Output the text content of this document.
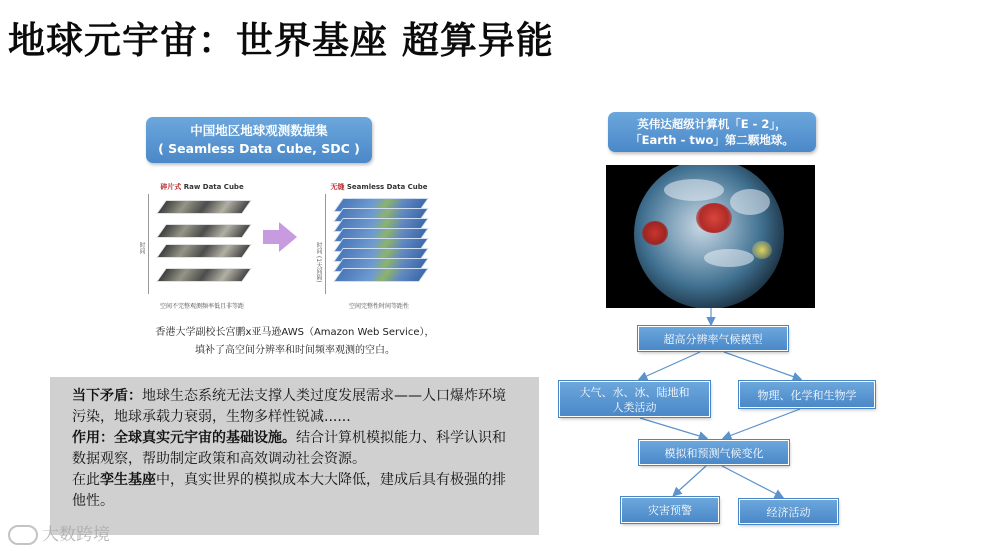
地球元宇宙：世界基座 超算异能
中国地区地球观测数据集
( Seamless Data Cube, SDC )
碎片式 Raw Data Cube
时间
空间不完整观测频率低且非等距
无缝 Seamless Data Cube
时间 (1天间隔)
空间完整性时间等距性
香港大学副校长宫鹏x亚马逊AWS（Amazon Web Service），
填补了高空间分辨率和时间频率观测的空白。
当下矛盾：地球生态系统无法支撑人类过度发展需求——人口爆炸环境污染，地球承载力衰弱，生物多样性锐减......
作用：全球真实元宇宙的基础设施。结合计算机模拟能力、科学认识和数据观察，帮助制定政策和高效调动社会资源。
在此孪生基座中，真实世界的模拟成本大大降低，建成后具有极强的排他性。
英伟达超级计算机「E - 2」，
「Earth - two」第二颗地球。
超高分辨率气候模型
大气、水、冰、陆地和
人类活动
物理、化学和生物学
模拟和预测气候变化
灾害预警	经济活动
大数跨境
